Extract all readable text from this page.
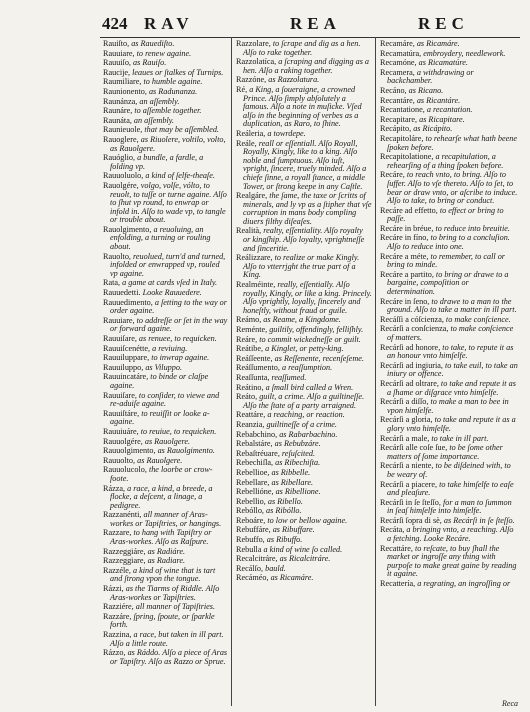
424 RAV	REA	REC
Rauiſto, as Rauediſto.
Rauuiare, to renew againe.
Rauuiſo, as Rauiſo.
Raucije, leaues or ſtalkes of Turnips.
Raumiliare, to humble againe.
Raunionento, as Radunanza.
Raunánza, an aſſembly.
Raunáre, to aſſemble together.
Raunáta, an aſſembly.
Raunieuole, that may be aſſembled.
Rauoglere, as Riuolere, voltilo, volto, as Rauolgere.
Rauóglio, a bundle, a fardle, a folding vp.
Rauuoluolo, a kind of ſelfe-theaſe.
Rauolgére, volgo, volſe, vólto, to reuolt, to tuſſe or turne againe. Alſo to ſhut vp round, to enwrap or infold in. Alſo to wade vp, to tangle or trouble about.
Rauolgimento, a reuoluing, an enfolding, a turning or rouling about.
Rauolto, reuolued, turn'd and turned, infolded or enwrapped vp, rouled vp againe.
Rata, a game at cards vſed in Italy.
Rauuedetti. Looke Rauuedere.
Rauuedimento, a ſetting to the way or order againe.
Rauuiare, to addreſſe or ſet in the way or forward againe.
Rauuiſare, as renuee, to requicken.
Rauuiſcenétte, a reviuing.
Rauuiluppare, to inwrap againe.
Rauuiluppo, as Viluppo.
Rauuincatáre, to binde or claſpe againe.
Rauuiſare, to conſider, to viewe and re-aduiſe againe.
Rauuiſtáre, to reuiſſit or looke a-againe.
Rauuiuáre, to reuiue, to requicken.
Rauuolgére, as Rauolgere.
Rauuolgimento, as Rauolgimento.
Rauuolto, as Rauolgere.
Rauuolucolo, the loorbe or crow-foote.
Rázza, a race, a kind, a breede, a flocke, a deſcent, a linage, a pedigree.
Razzanénti, all manner of Aras-workes or Tapiſtries, or hangings.
Razzare, to hang with Tapiſtry or Aras-workes. Alſo as Raſpure.
Razzeggiáre, as Radiáre.
Razzeggiare, as Radiare.
Razzéle, a kind of wine that is tart and ſtrong vpon the tongue.
Rázzi, as the Tiarms of Riddle. Alſo Aras-workes or Tapiſtries.
Razziére, all manner of Tapiſtries.
Razzáre, ſpring, ſpoute, or ſparkle forth.
Razzina, a race, but taken in ill part. Alſo a little route.
Rázzo, as Ráddo. Alſo a piece of Aras or Tapiſtry. Alſo as Razzo or Sprue.
Razzolare, to ſcrape and dig as a hen. Alſo to rake together.
Razzolatíca, a ſcraping and digging as a hen. Alſo a raking together.
Razzóne, as Razzolatura.
Ré, a King, a ſoueraigne, a crowned Prince. Alſo ſimply abſolutely a famous. Alſo a note in muſicke. Vſed alſo in the beginning of verbes as a duplication, as Raro, to ſhine.
Reáleria, a towrdepe.
Reále, reall or eſſentiall. Alſo Royall, Royally, Kingly, like to a king. Alſo noble and ſumptuous. Alſo iuſt, vpright, ſincere, truely minded. Alſo a chiefe ſinne, a royall ſtance, a middle Tower, or ſtrong keepe in any Caſtle.
Realgáre, the ſame, the taxe or ſcritts of minerals, and ly vp as a ſtipher that vſe corruption in mans body compling diuers filthy diſeaſes.
Realità, realty, eſſentiality. Alſo royalty or kingſhip. Alſo loyalty, vprightneſſe and ſinceritie.
Reálizzare, to realize or make Kingly. Alſo to vtterrjght the true part of a King.
Realméinte, really, eſſentially. Alſo royally, Kingly, or like a king. Princely. Alſo vprightly, loyally, ſincerely and honeſtly, without fraud or guile.
Reámo, as Reame, a Kingdome.
Reménte, guiltily, offendingly, felliſhly.
Reáre, to commit wickedneſſe or guilt.
Reátibe, a Kinglet, or petty-king.
Reáſſeente, as Reſſenente, recenſeſeme.
Reáſſumento, a reaſſumption.
Reaſſunta, reaſſumed.
Reátino, a ſmall bird called a Wren.
Reáto, guilt, a crime. Alſo a guiltineſſe. Alſo the ſtate of a party arraigned.
Reattáre, a reaching, or reaction.
Reanzia, guiltineſſe of a crime.
Rebabchino, as Rabarbachino.
Rebalstáre, as Rebubzáre.
Rebaſtréuare, reſuſcited.
Rebechiſla, as Ribechiſta.
Rebellioe, as Ribbelle.
Rebellare, as Ribellare.
Rebellióne, as Ribellione.
Rebellio, as Ribello.
Rebóllo, as Ribóllo.
Reboáre, to low or bellow againe.
Rebuffáre, as Ribuffare.
Rebuffo, as Ribuffo.
Rebulla a kind of wine ſo called.
Recalcitráre, as Ricalcitráre.
Recálſo, bauld.
Recáméo, as Ricamáre.
Recamáre, as Ricamáre.
Recamatúra, embroydery, needlework.
Recamóne, as Ricamatúre.
Recamera, a withdrawing or backchamber.
Recáno, as Ricano.
Recantáre, as Ricantáre.
Recantatione, a recantation.
Recapitare, as Ricapitare.
Recápito, as Ricápito.
Recapitoláre, to rehearſe what hath beene ſpoken before.
Recapitolatione, a recapitulation, a rehearſing of a thing ſpoken before.
Recáre, to reach vnto, to bring. Alſo to ſuffer. Alſo to vſe thereto. Alſo to ſet, to bear or draw vnto, or aſcribe to induce. Alſo to take, to bring or conduct.
Recáre ad effetto, to effect or bring to paſſe.
Recáre in bréue, to reduce into breuitie.
Recáre in fíno, to bring to a concluſion. Alſo to reduce into one.
Recáre a méte, to remember, to call or bring to minde.
Recáre a partito, to bring or drawe to a bargaine, compoſition or determination.
Recáre in ſeno, to drawe to a man to the ground. Alſo to take a matter in ill part.
Recáſſi a cóſcienza, to make conſcience.
Recárſi a conſcienza, to make conſcience of matters.
Recárſi ad honore, to take, to repute it as an honour vnto himſelfe.
Recárſi ad ingiuria, to take euil, to take an iniury or offence.
Recárſi ad oltrare, to take and repute it as a ſhame or diſgrace vnto himſelfe.
Recárſi a diſſo, to make a man to bee in vpon himſelfe.
Recárſi a gloria, to take and repute it as a glory vnto himſelfe.
Recárſi a male, to take in ill part.
Recárſi alle coſe ſue, to be ſome other matters of ſome importance.
Recárſi a niente, to be diſdeined with, to be weary of.
Recárſi a piacere, to take himſelfe to eaſe and pleaſure.
Recárſi in ſe ſteſſo, for a man to ſummon in ſeaſ himſelfe into himſelfe.
Recárſi ſopra di sè, as Recárſi in ſe ſteſſo.
Recáta, a bringing vnto, a reaching. Alſo a fetching. Looke Recáre.
Recattáre, to reſcate, to buy ſhall the market or ingroſſe any thing with purpoſe to make great gaine by reading it againe.
Recattería, a regrating, an ingroſſing or
Reca
